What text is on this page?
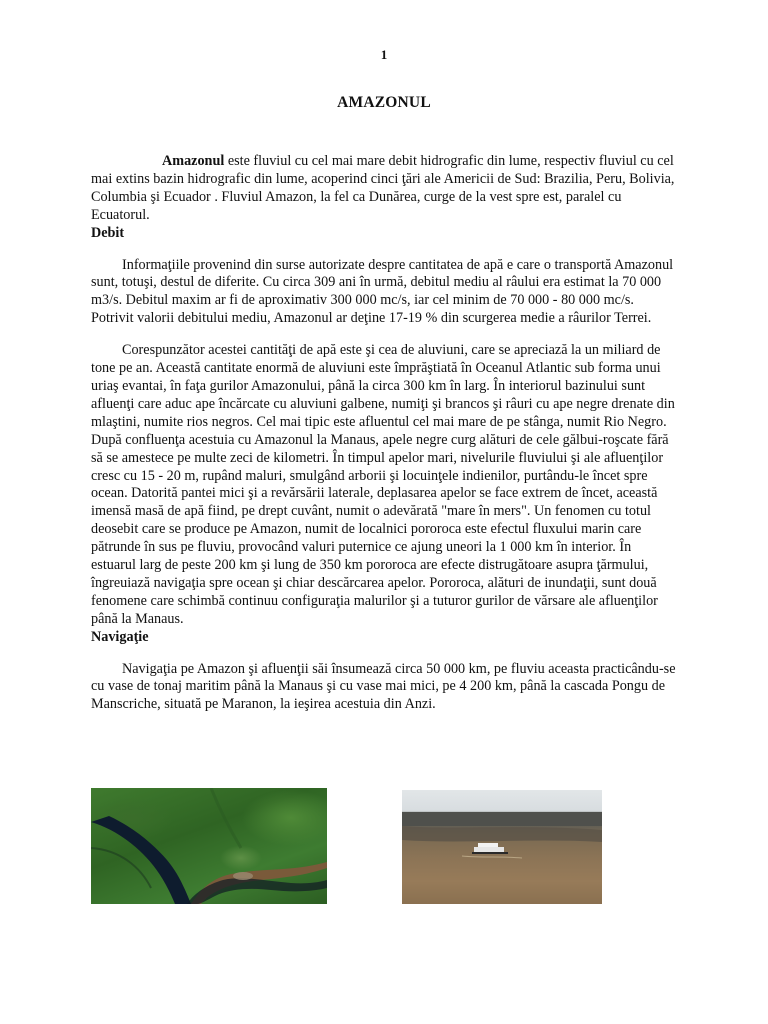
1
AMAZONUL

Amazonul este fluviul cu cel mai mare debit hidrografic din lume, respectiv fluviul cu cel mai extins bazin hidrografic din lume, acoperind cinci ţări ale Americii de Sud: Brazilia, Peru, Bolivia, Columbia şi Ecuador . Fluviul Amazon, la fel ca Dunărea, curge de la vest spre est, paralel cu Ecuatorul.

Debit

Informaţiile provenind din surse autorizate despre cantitatea de apă e care o transportă Amazonul sunt, totuşi, destul de diferite. Cu circa 309 ani în urmă, debitul mediu al râului era estimat la 70 000 m3/s. Debitul maxim ar fi de aproximativ 300 000 mc/s, iar cel minim de 70 000 - 80 000 mc/s. Potrivit valorii debitului mediu, Amazonul ar deţine 17-19 % din scurgerea medie a râurilor Terrei.

Corespunzător acestei cantităţi de apă este şi cea de aluviuni, care se apreciază la un miliard de tone pe an. Această cantitate enormă de aluviuni este împrăştiată în Oceanul Atlantic sub forma unui uriaş evantai, în faţa gurilor Amazonului, până la circa 300 km în larg. În interiorul bazinului sunt afluenţi care aduc ape încărcate cu aluviuni galbene, numiţi şi brancos şi râuri cu ape negre drenate din mlaştini, numite rios negros. Cel mai tipic este afluentul cel mai mare de pe stânga, numit Rio Negro. După confluenţa acestuia cu Amazonul la Manaus, apele negre curg alături de cele gălbui-roşcate fără să se amestece pe multe zeci de kilometri. În timpul apelor mari, nivelurile fluviului şi ale afluenţilor cresc cu 15 - 20 m, rupând maluri, smulgând arborii şi locuinţele indienilor, purtându-le încet spre ocean. Datorită pantei mici şi a revărsării laterale, deplasarea apelor se face extrem de încet, această imensă masă de apă fiind, pe drept cuvânt, numit o adevărată "mare în mers". Un fenomen cu totul deosebit care se produce pe Amazon, numit de localnici pororoca este efectul fluxului marin care pătrunde în sus pe fluviu, provocând valuri puternice ce ajung uneori la 1 000 km în interior. În estuarul larg de peste 200 km şi lung de 350 km pororoca are efecte distrugătoare asupra ţărmului, îngreuiază navigaţia spre ocean şi chiar descărcarea apelor. Pororoca, alături de inundaţii, sunt două fenomene care schimbă continuu configuraţia malurilor şi a tuturor gurilor de vărsare ale afluenţilor până la Manaus.

Navigaţie

Navigaţia pe Amazon şi afluenţii săi însumează circa 50 000 km, pe fluviu aceasta practicându-se cu vase de tonaj maritim până la Manaus şi cu vase mai mici, pe 4 200 km, până la cascada Pongu de Manscriche, situată pe Maranon, la ieşirea acestuia din Anzi.
